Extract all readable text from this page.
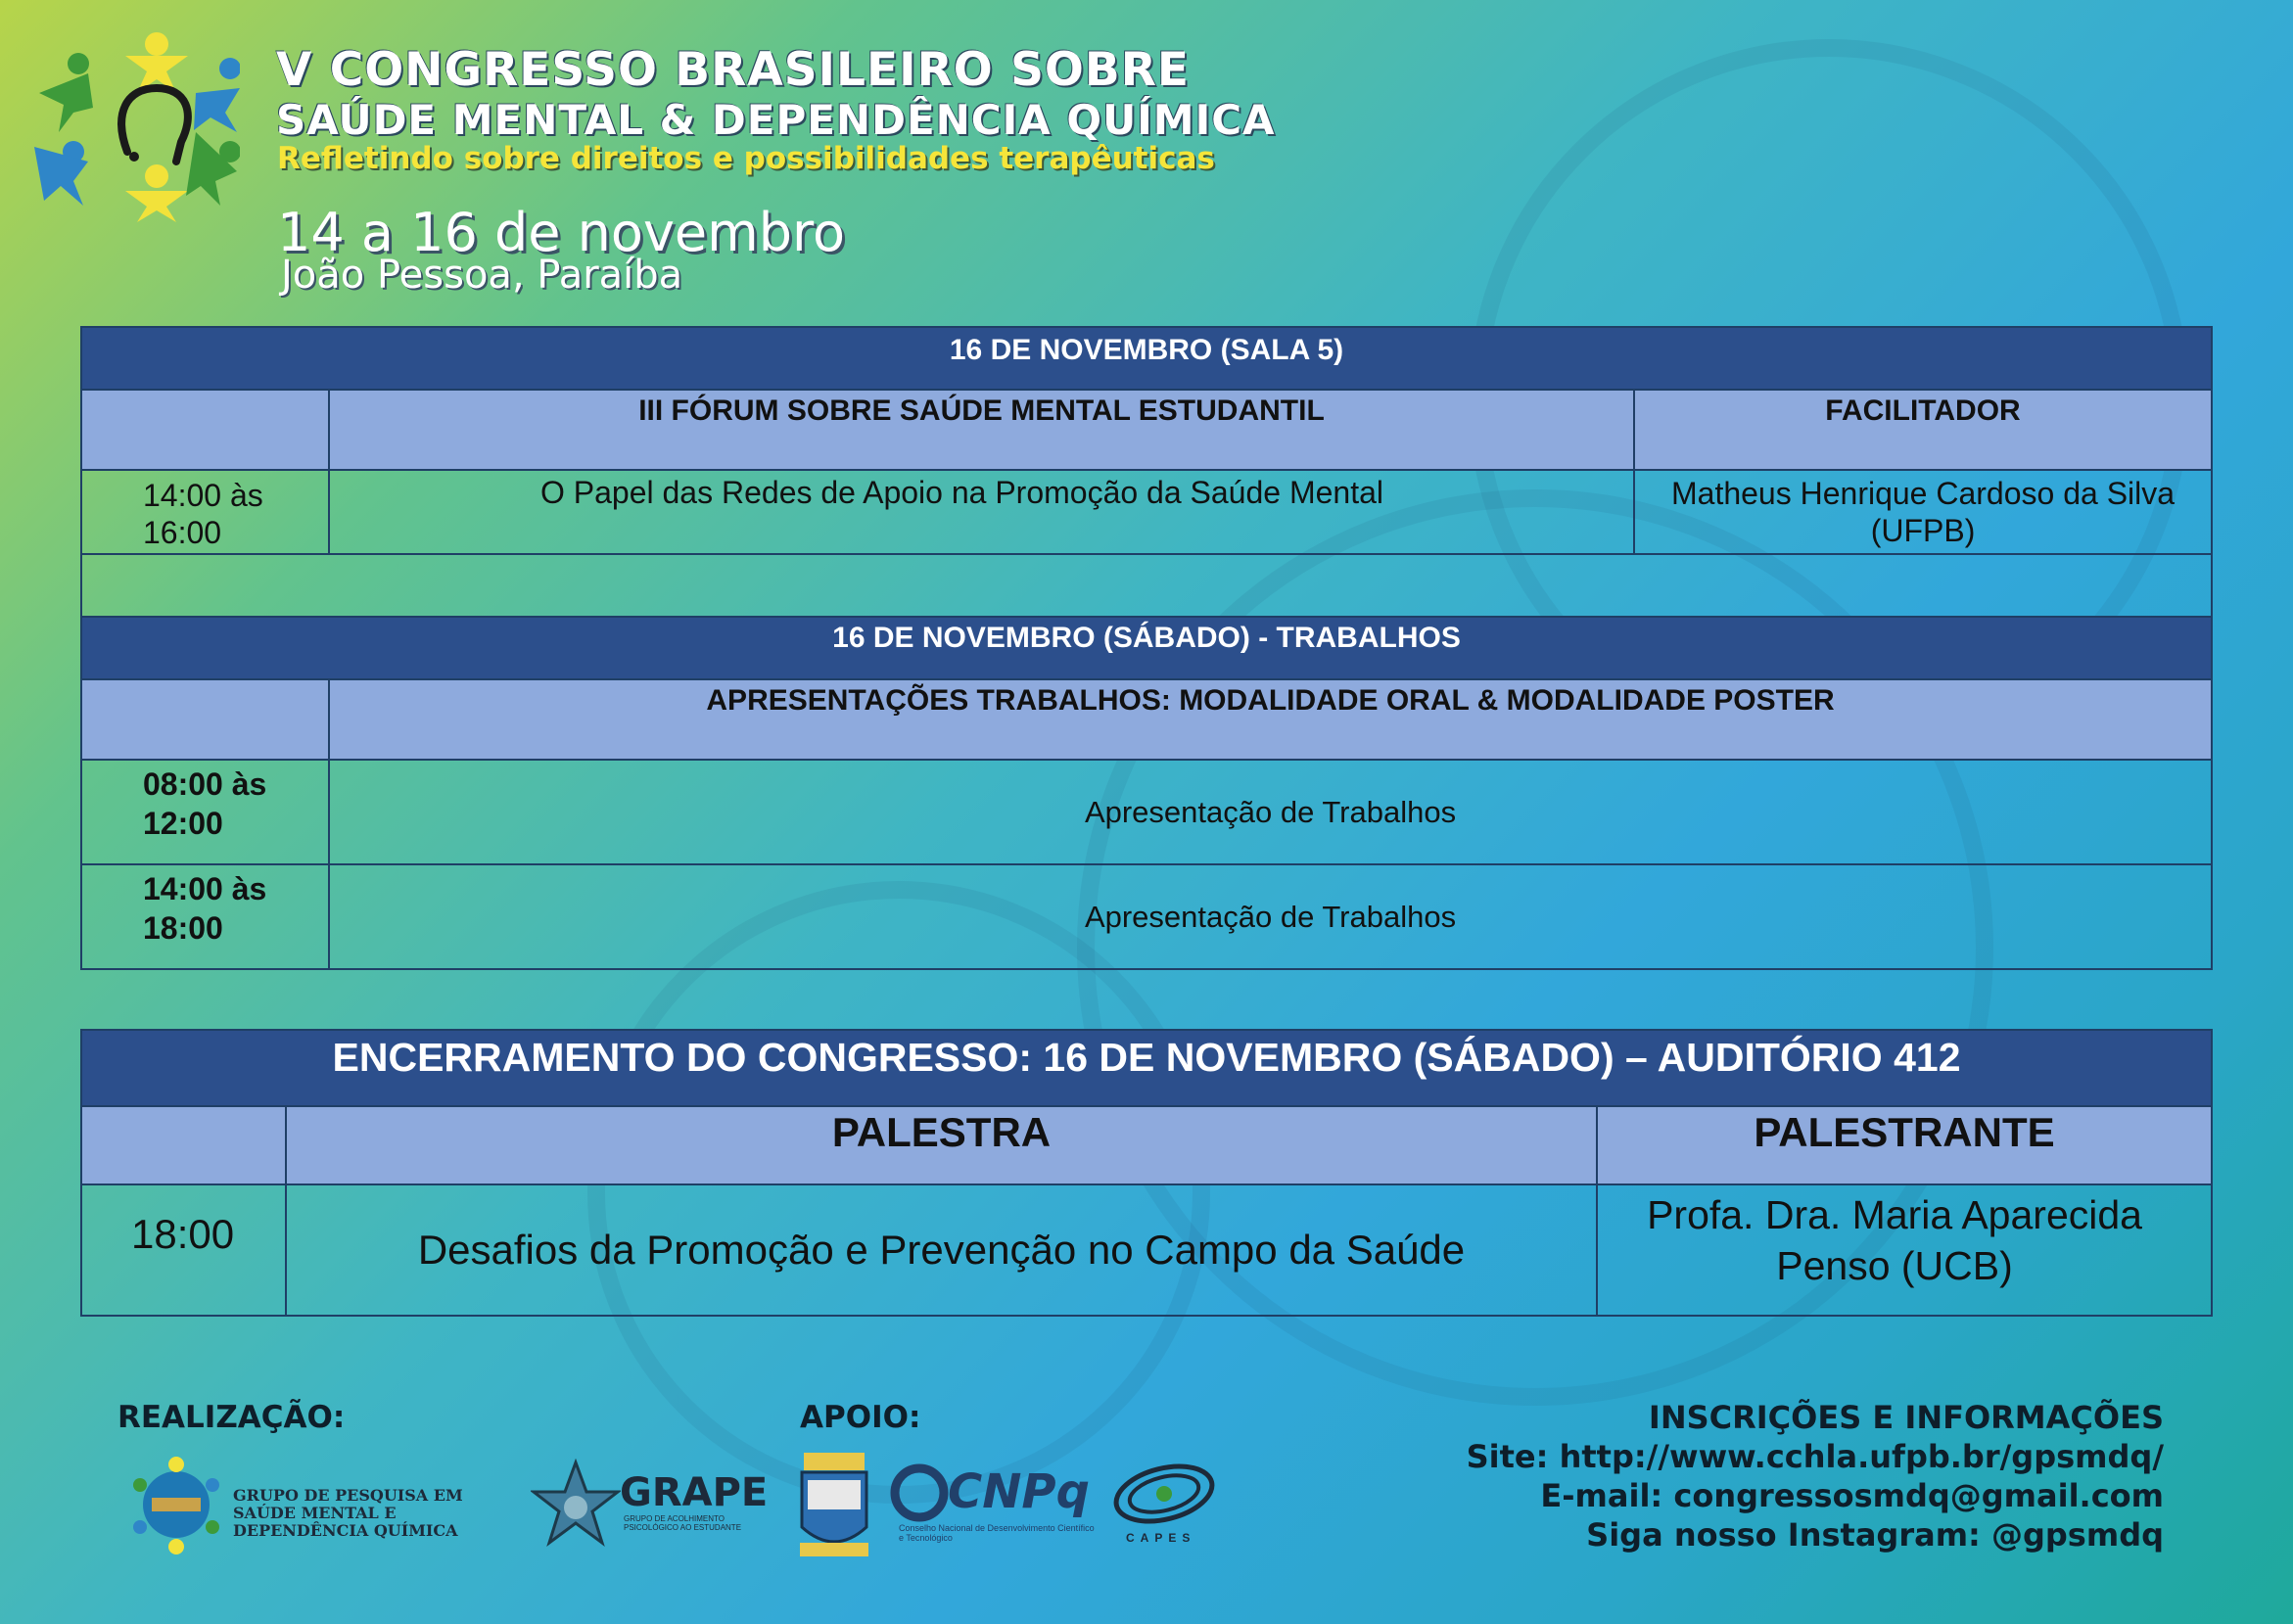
V CONGRESSO BRASILEIRO SOBRE
SAÚDE MENTAL & DEPENDÊNCIA QUÍMICA
Refletindo sobre direitos e possibilidades terapêuticas
14 a 16 de novembro
João Pessoa, Paraíba
16 DE NOVEMBRO (SALA 5)		
	III FÓRUM SOBRE SAÚDE MENTAL ESTUDANTIL	FACILITADOR
14:00 às 16:00	O Papel das Redes de Apoio na Promoção da Saúde Mental	Matheus Henrique Cardoso da Silva (UFPB)

16 DE NOVEMBRO (SÁBADO) - TRABALHOS		
	APRESENTAÇÕES TRABALHOS: MODALIDADE ORAL & MODALIDADE POSTER	
08:00 às 12:00	Apresentação de Trabalhos	
14:00 às 18:00	Apresentação de Trabalhos	
ENCERRAMENTO DO CONGRESSO: 16 DE NOVEMBRO (SÁBADO) – AUDITÓRIO 412		
	PALESTRA	PALESTRANTE
18:00	Desafios da Promoção e Prevenção no Campo da Saúde	Profa. Dra. Maria Aparecida Penso (UCB)
REALIZAÇÃO:	APOIO:
GRUPO DE PESQUISA EM SAÚDE MENTAL E DEPENDÊNCIA QUÍMICA
GRAPE
GRUPO DE ACOLHIMENTO PSICOLÓGICO AO ESTUDANTE
CNPq
Conselho Nacional de Desenvolvimento Científico e Tecnológico	CAPES
INSCRIÇÕES E INFORMAÇÕES
Site: http://www.cchla.ufpb.br/gpsmdq/
E-mail: congressosmdq@gmail.com
Siga nosso Instagram: @gpsmdq
